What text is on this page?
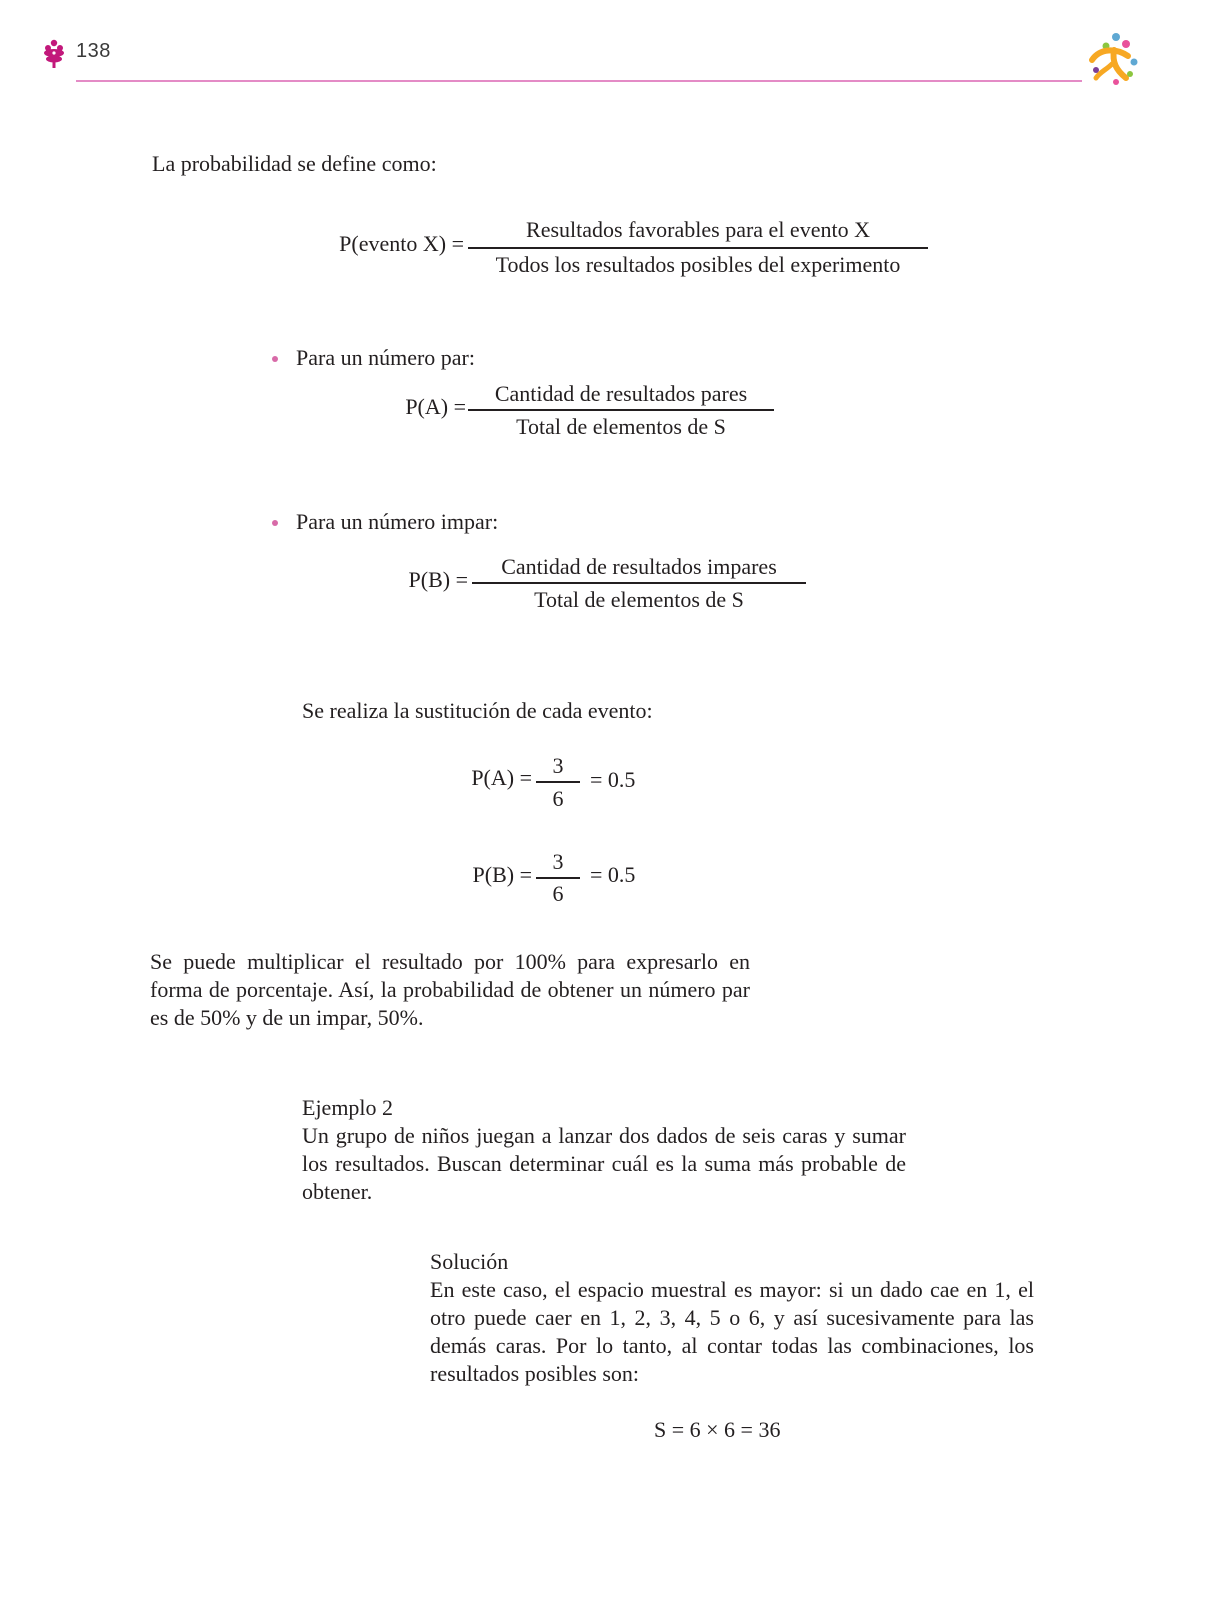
138
La probabilidad se define como:
P(evento X) =
Resultados favorables para el evento X
Todos los resultados posibles del experimento
Para un número par:
P(A) =
Cantidad de resultados pares
Total de elementos de S
Para un número impar:
P(B) =
Cantidad de resultados impares
Total de elementos de S
Se realiza la sustitución de cada evento:
P(A) = 3
6
= 0.5
P(B) =
3
6
= 0.5
Se puede multiplicar el resultado por 100% para expresarlo en forma de porcentaje. Así, la probabilidad de obtener un número par es de 50% y de un impar, 50%.
Ejemplo 2
Un grupo de niños juegan a lanzar dos dados de seis caras y sumar los resultados. Buscan determinar cuál es la suma más probable de obtener.
Solución
En este caso, el espacio muestral es mayor: si un dado cae en 1, el otro puede caer en 1, 2, 3, 4, 5 o 6, y así sucesivamente para las demás caras. Por lo tanto, al contar todas las combinaciones, los resultados posibles son:
S = 6 × 6 = 36
